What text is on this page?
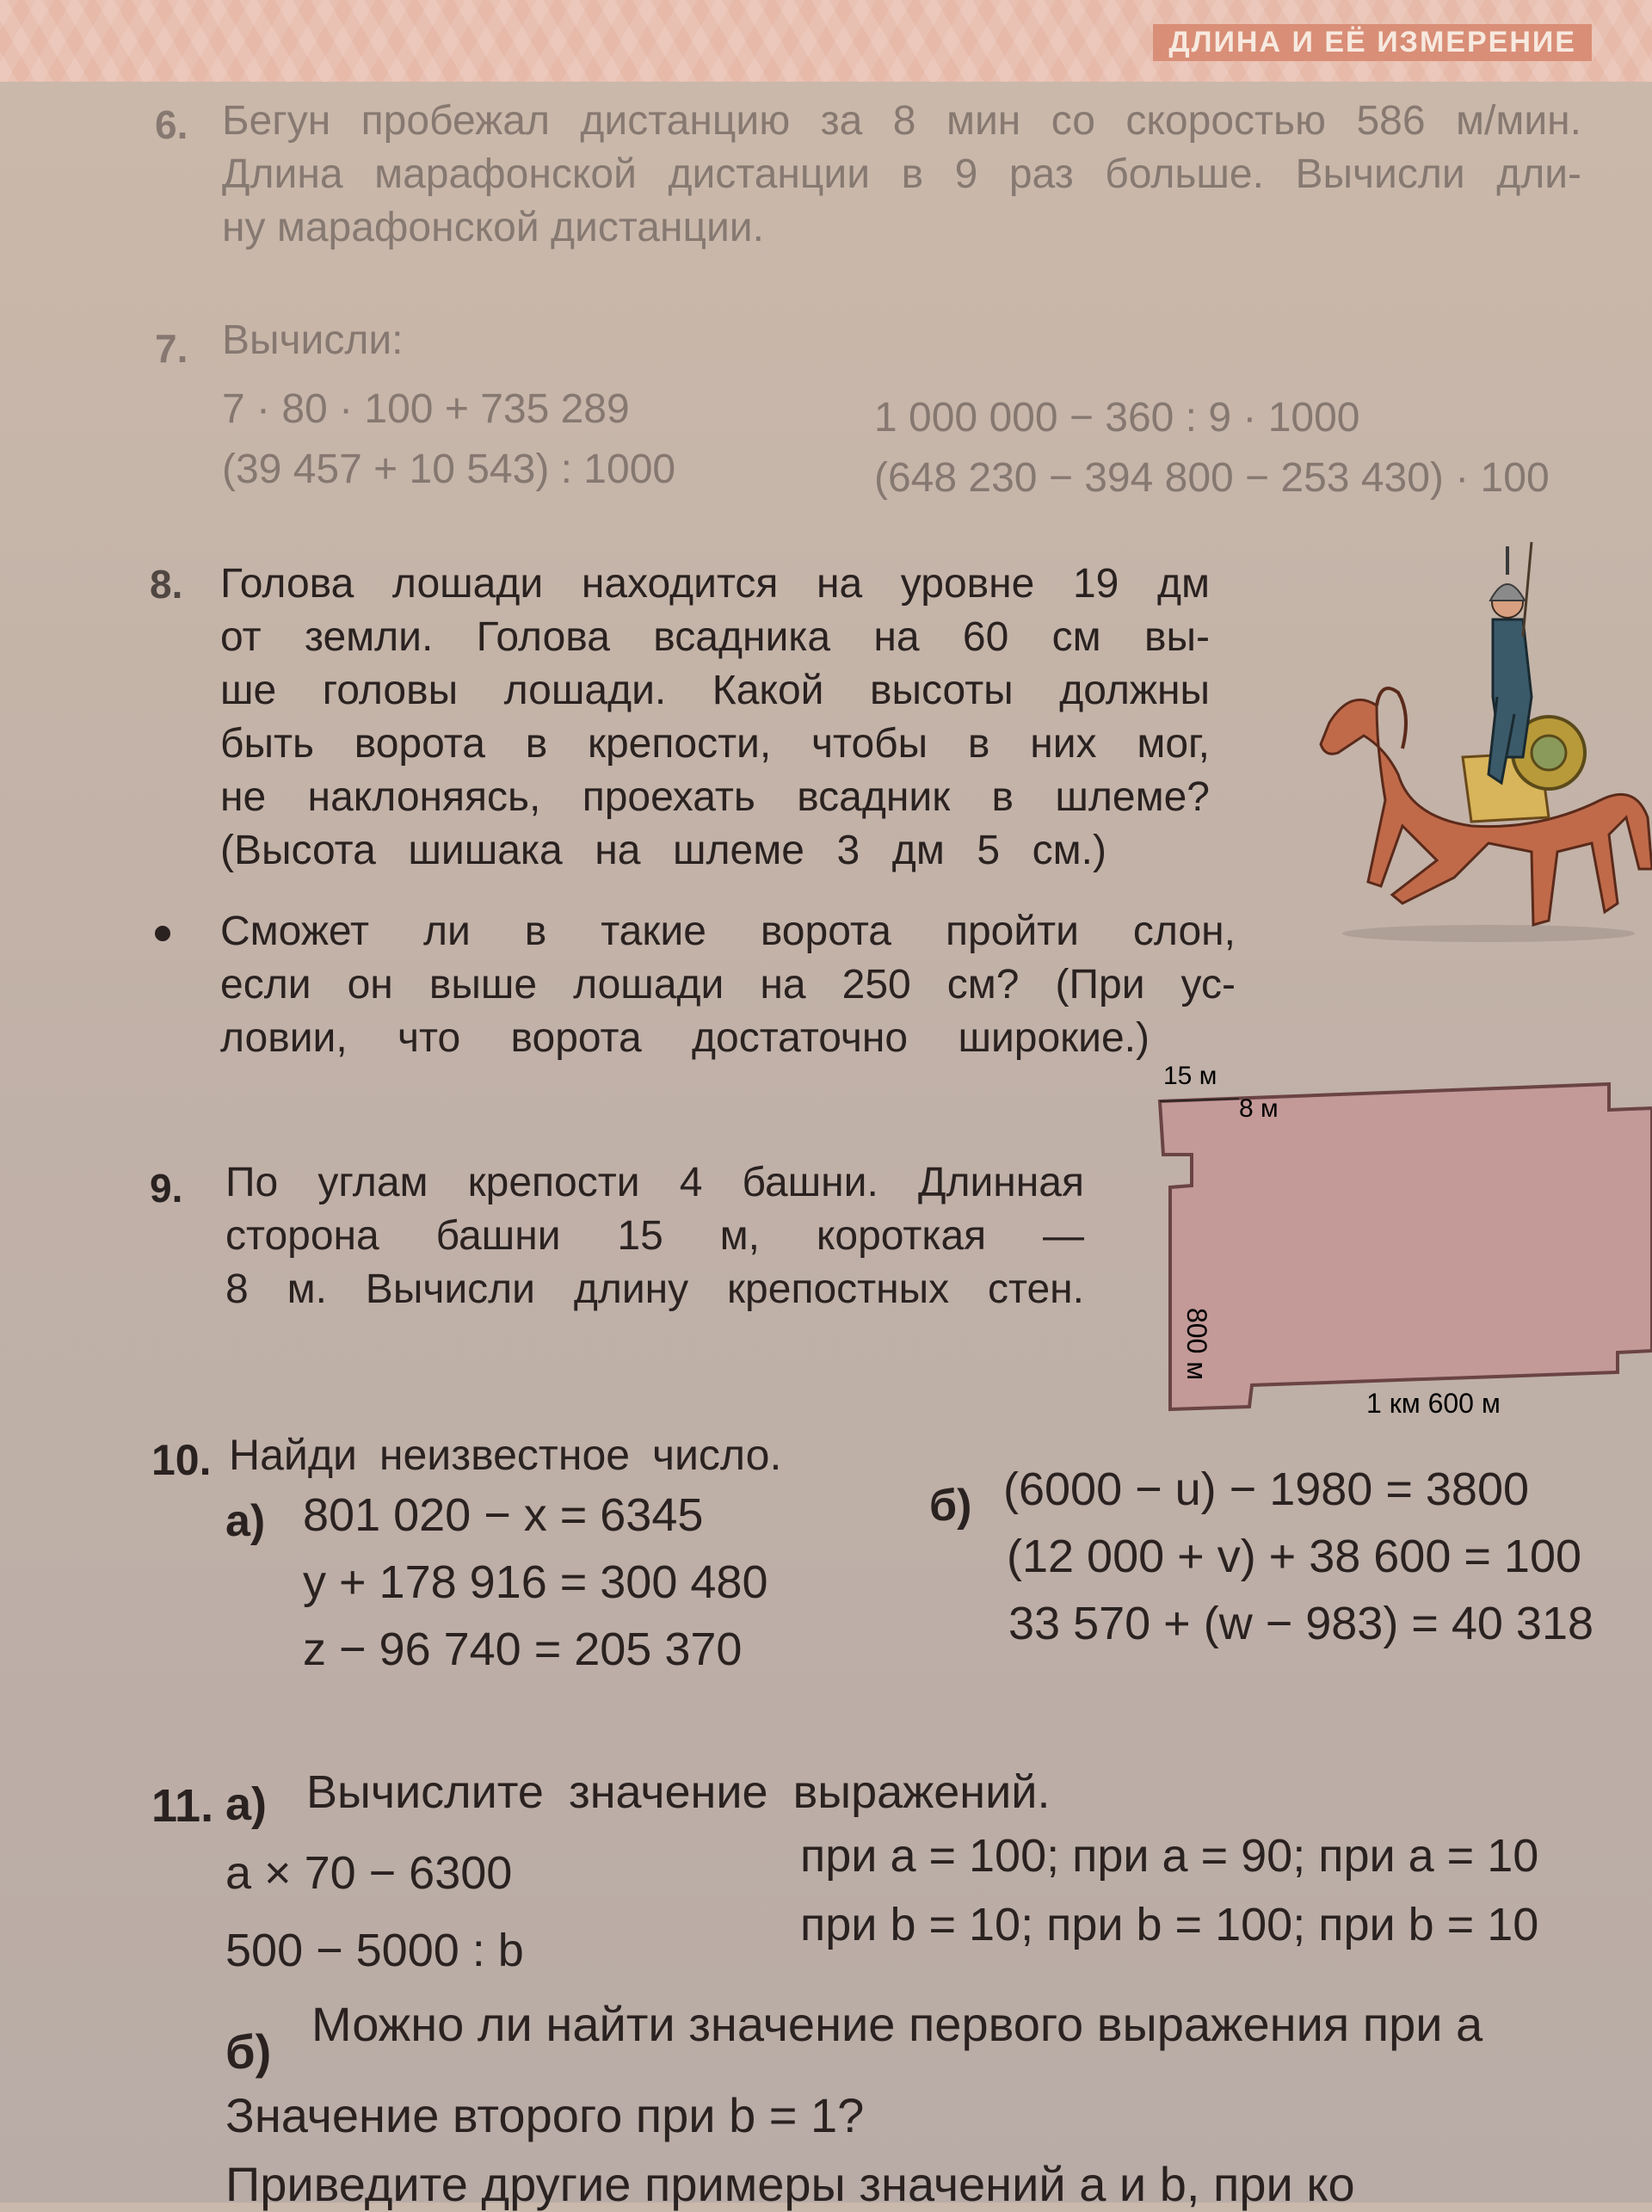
ДЛИНА И ЕЁ ИЗМЕРЕНИЕ
6. Бегун пробежал дистанцию за 8 мин со скоростью 586 м/мин.
Длина марафонской дистанции в 9 раз больше. Вычисли дли-
ну марафонской дистанции.
7. Вычисли:
7 · 80 · 100 + 735 289
(39 457 + 10 543) : 1000
1 000 000 − 360 : 9 · 1000
(648 230 − 394 800 − 253 430) · 100
8. Голова лошади находится на уровне 19 дм
от земли. Голова всадника на 60 см вы-
ше головы лошади. Какой высоты должны
быть ворота в крепости, чтобы в них мог,
не наклоняясь, проехать всадник в шлеме?
(Высота шишака на шлеме 3 дм 5 см.)
Сможет ли в такие ворота пройти слон,
если он выше лошади на 250 см? (При ус-
ловии, что ворота достаточно широкие.)
9. По углам крепости 4 башни. Длинная
сторона башни 15 м, короткая —
8 м. Вычисли длину крепостных стен.
15 м
8 м
800 м
1 км 600 м
10. Найди неизвестное число.
а) 801 020 − x = 6345
y + 178 916 = 300 480
z − 96 740 = 205 370
б) (6000 − u) − 1980 = 3800
(12 000 + v) + 38 600 = 100
33 570 + (w − 983) = 40 318
11. а) Вычислите значение выражений.
a × 70 − 6300
500 − 5000 : b
при a = 100; при a = 90; при a = 10
при b = 10; при b = 100; при b = 10
б)
Можно ли найти значение первого выражения при a
Значение второго при b = 1?
Приведите другие примеры значений a и b, при ко
